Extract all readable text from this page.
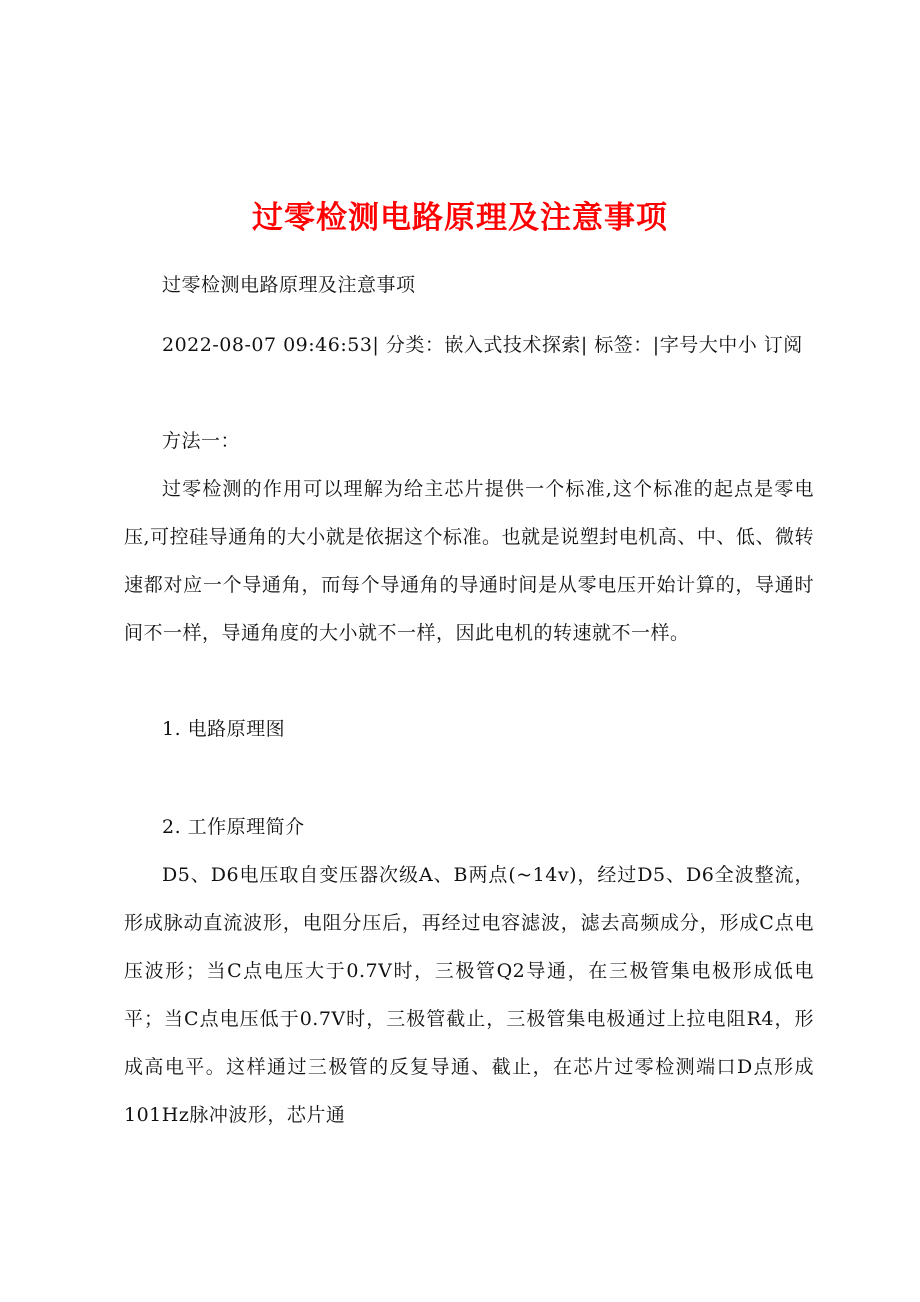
过零检测电路原理及注意事项
过零检测电路原理及注意事项
2022-08-07 09:46:53| 分类：嵌入式技术探索| 标签：|字号大中小 订阅
方法一：
过零检测的作用可以理解为给主芯片提供一个标准,这个标准的起点是零电压,可控硅导通角的大小就是依据这个标准。也就是说塑封电机高、中、低、微转速都对应一个导通角，而每个导通角的导通时间是从零电压开始计算的，导通时间不一样，导通角度的大小就不一样，因此电机的转速就不一样。
1. 电路原理图
2. 工作原理简介
D5、D6电压取自变压器次级A、B两点(~14v)，经过D5、D6全波整流，形成脉动直流波形，电阻分压后，再经过电容滤波，滤去高频成分，形成C点电压波形；当C点电压大于0.7V时，三极管Q2导通，在三极管集电极形成低电平；当C点电压低于0.7V时，三极管截止，三极管集电极通过上拉电阻R4，形成高电平。这样通过三极管的反复导通、截止，在芯片过零检测端口D点形成101Hz脉冲波形，芯片通
